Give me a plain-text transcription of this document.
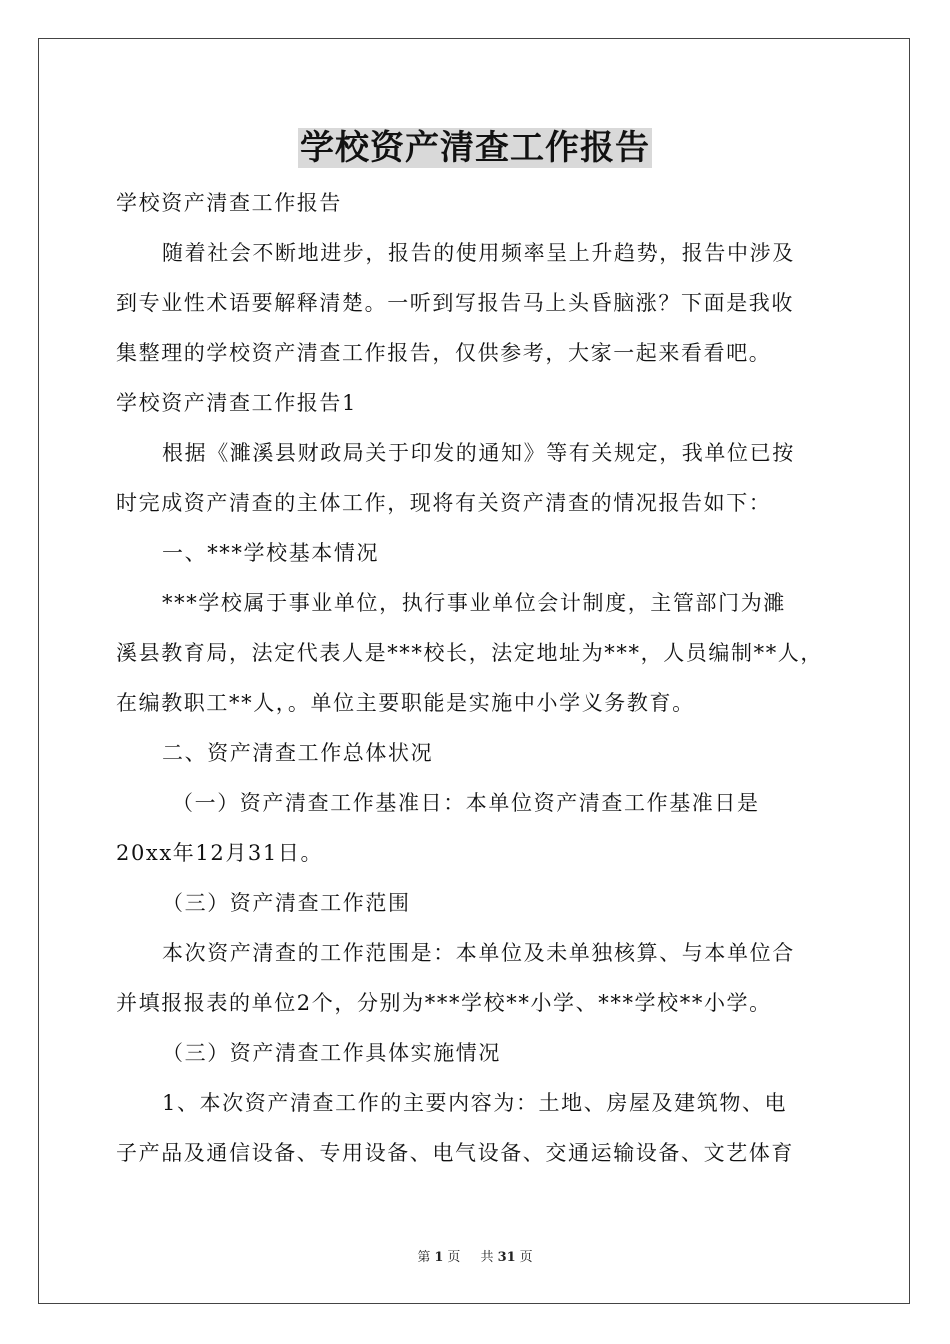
学校资产清查工作报告
学校资产清查工作报告
随着社会不断地进步，报告的使用频率呈上升趋势，报告中涉及
到专业性术语要解释清楚。一听到写报告马上头昏脑涨？下面是我收
集整理的学校资产清查工作报告，仅供参考，大家一起来看看吧。
学校资产清查工作报告1
根据《濉溪县财政局关于印发的通知》等有关规定，我单位已按
时完成资产清查的主体工作，现将有关资产清查的情况报告如下：
一、***学校基本情况
***学校属于事业单位，执行事业单位会计制度，主管部门为濉
溪县教育局，法定代表人是***校长，法定地址为***，人员编制**人，
在编教职工**人，。单位主要职能是实施中小学义务教育。
二、资产清查工作总体状况
（一）资产清查工作基准日：本单位资产清查工作基准日是
20xx年12月31日。
（三）资产清查工作范围
本次资产清查的工作范围是：本单位及未单独核算、与本单位合
并填报报表的单位2个，分别为***学校**小学、***学校**小学。
（三）资产清查工作具体实施情况
1、本次资产清查工作的主要内容为：土地、房屋及建筑物、电
子产品及通信设备、专用设备、电气设备、交通运输设备、文艺体育
第 1 页 共 31 页
